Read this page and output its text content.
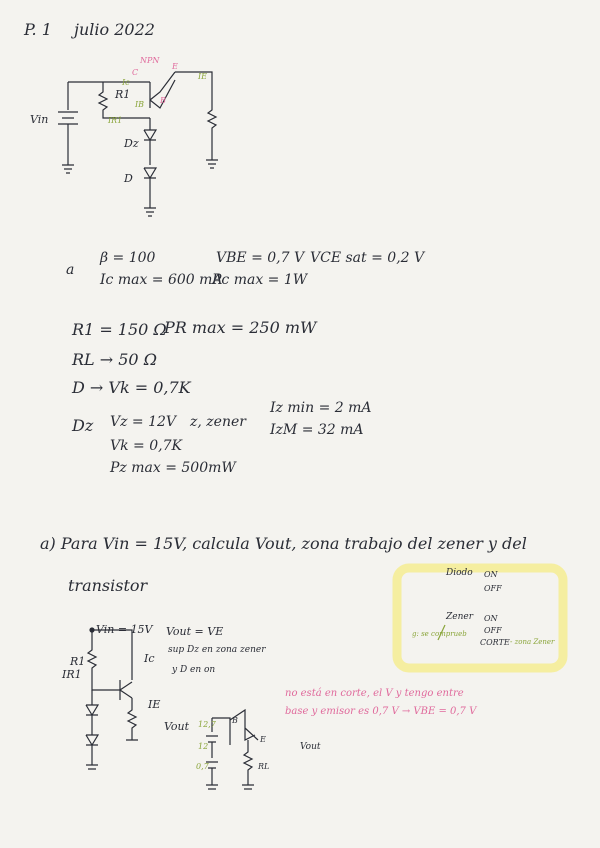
P. 1 julio 2022
Vin
R1
Dz
D
NPN
C
E
B
Ic
IB
IE
IR1
a
β = 100	VBE = 0,7 V VCE sat = 0,2 V
Ic max = 600 mA
Pc max = 1W
R1 = 150 Ω
PR max = 250 mW
RL → 50 Ω
D → Vk = 0,7K
Dz Vz = 12V z, zener
Iz min = 2 mA
IzM = 32 mA
Vk = 0,7K
Pz max = 500mW
a) Para Vin = 15V, calcula Vout, zona trabajo del zener y del
transistor
Vin = 15V
R1
IR1
Ic
IE
Vout
Vout = VE
sup Dz en zona zener
y D en on
no está en corte, el V y tengo entre
base y emisor es 0,7 V → VBE = 0,7 V
12,7
12
0,7
B
E
RL
Vout
Diodo ON
OFF
Zener ON
OFF
CORTE - zona Zener
g: se comprueb
